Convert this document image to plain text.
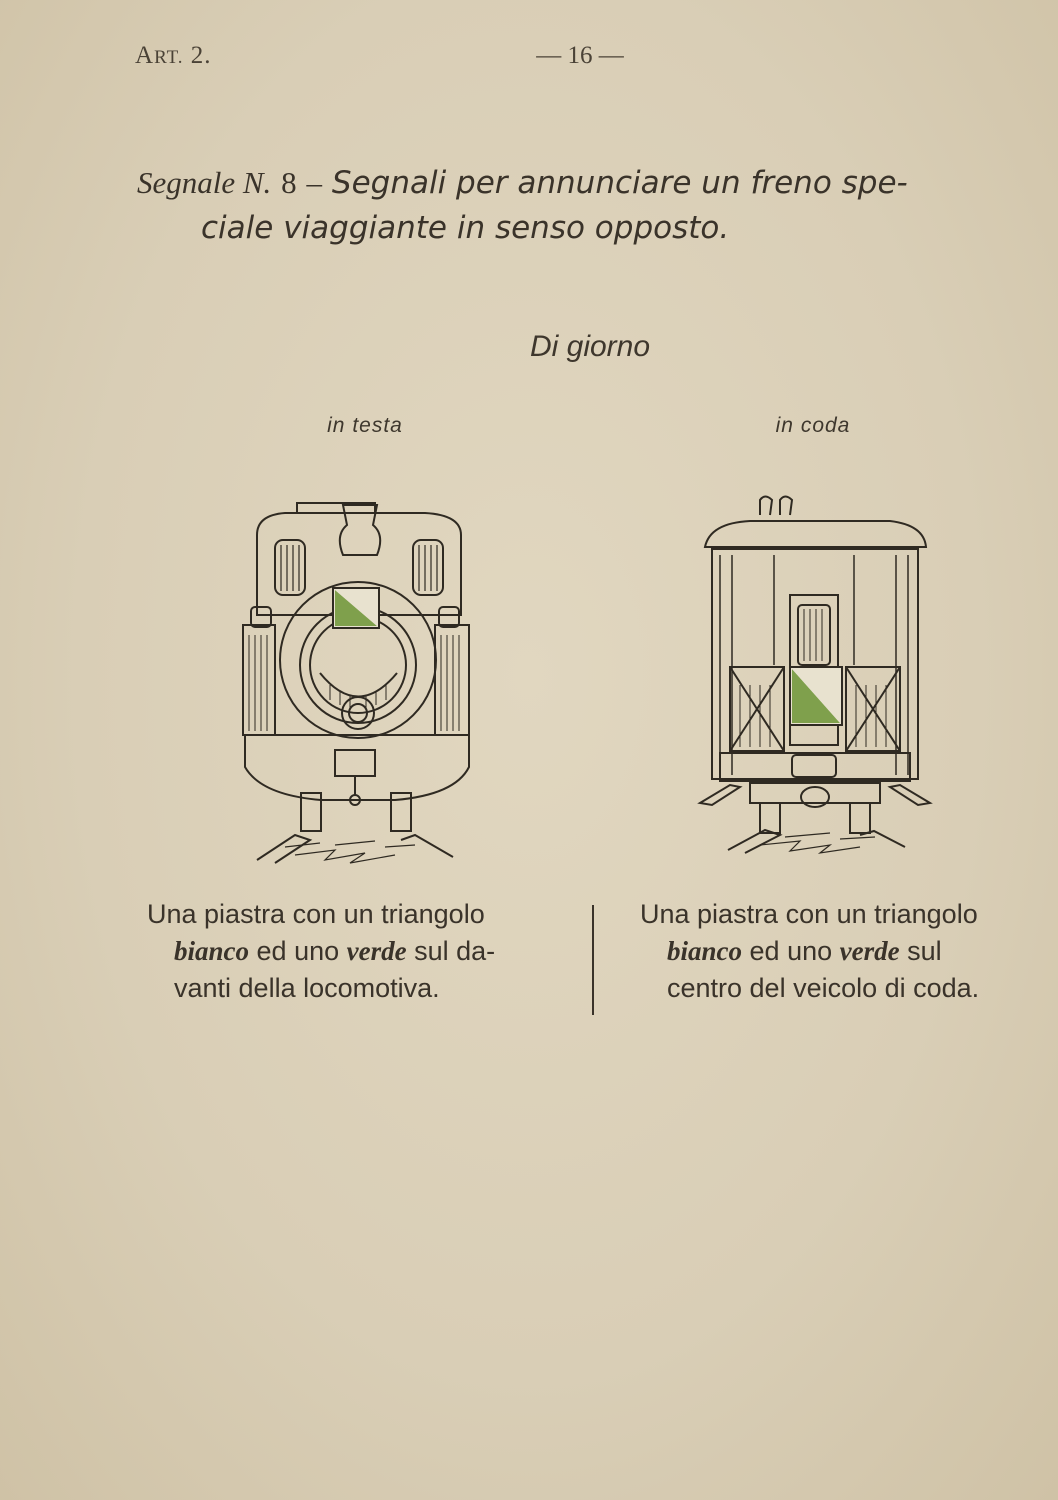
ART. 2.	— 16 —
Segnale N. 8 – Segnali per annunciare un freno spe-
ciale viaggiante in senso opposto.
Di giorno
in testa	in coda
Una piastra con un triangolo
bianco ed uno verde sul da-
vanti della locomotiva.
Una piastra con un triangolo
bianco ed uno verde sul
centro del veicolo di coda.
